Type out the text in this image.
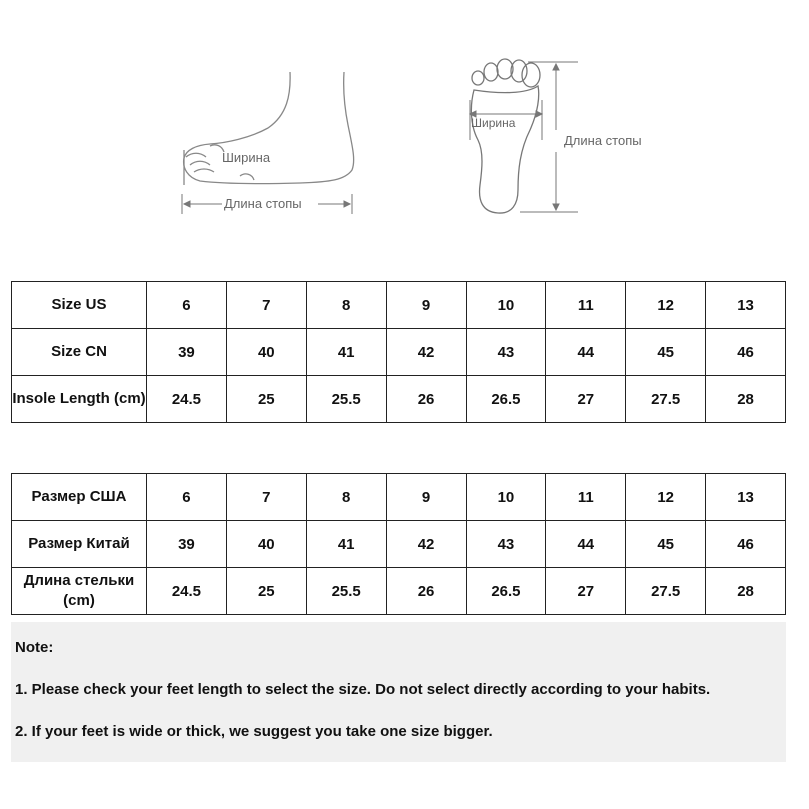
Ширина
Длина стопы
Ширина
Длина стопы
Size US	6	7	8	9	10	11	12	13
Size CN	39	40	41	42	43	44	45	46
Insole Length (cm)	24.5	25	25.5	26	26.5	27	27.5	28
Размер США	6	7	8	9	10	11	12	13
Размер Китай	39	40	41	42	43	44	45	46
Длина стельки (cm)	24.5	25	25.5	26	26.5	27	27.5	28

Note:

1. Please check your feet length to select the size. Do not select directly according to your habits.

2. If your feet is wide or thick, we suggest you take one size bigger.
